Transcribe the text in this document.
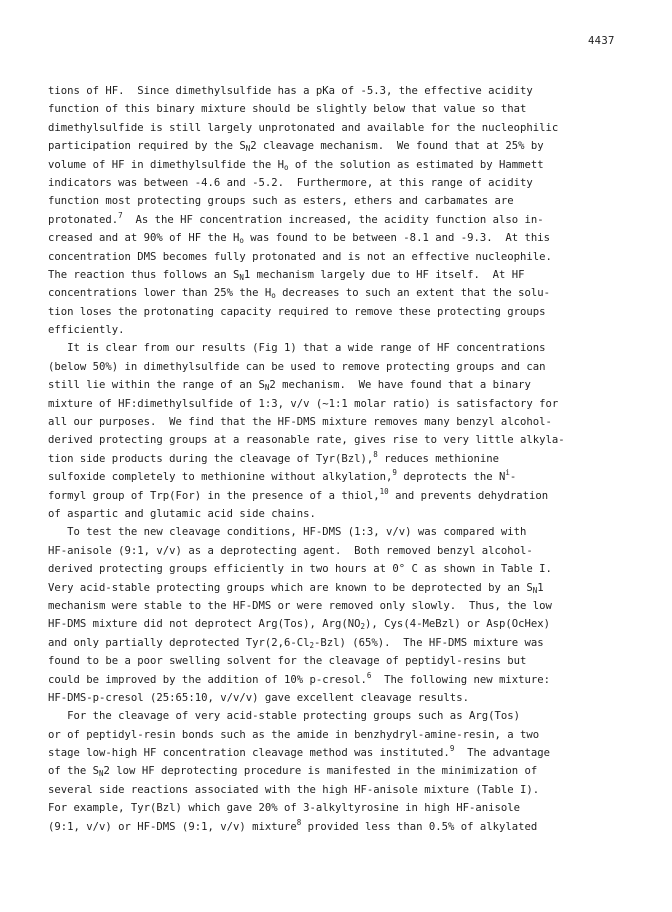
4437
tions of HF.  Since dimethylsulfide has a pKa of -5.3, the effective acidity
function of this binary mixture should be slightly below that value so that
dimethylsulfide is still largely unprotonated and available for the nucleophilic
participation required by the $S_N2$ cleavage mechanism.  We found that at 25% by
volume of HF in dimethylsulfide the $H_o$ of the solution as estimated by Hammett
indicators was between -4.6 and -5.2.  Furthermore, at this range of acidity
function most protecting groups such as esters, ethers and carbamates are
protonated.$^7$  As the HF concentration increased, the acidity function also in-
creased and at 90% of HF the $H_o$ was found to be between -8.1 and -9.3.  At this
concentration DMS becomes fully protonated and is not an effective nucleophile.
The reaction thus follows an $S_N1$ mechanism largely due to HF itself.  At HF
concentrations lower than 25% the $H_o$ decreases to such an extent that the solu-
tion loses the protonating capacity required to remove these protecting groups
efficiently.
It is clear from our results (Fig 1) that a wide range of HF concentrations
(below 50%) in dimethylsulfide can be used to remove protecting groups and can
still lie within the range of an $S_N2$ mechanism.  We have found that a binary
mixture of HF:dimethylsulfide of 1:3, v/v (~1:1 molar ratio) is satisfactory for
all our purposes.  We find that the HF-DMS mixture removes many benzyl alcohol-
derived protecting groups at a reasonable rate, gives rise to very little alkyla-
tion side products during the cleavage of Tyr(Bzl),$^8$ reduces methionine
sulfoxide completely to methionine without alkylation,$^9$ deprotects the $N^i-$
formyl group of Trp(For) in the presence of a thiol,$^{10}$ and prevents dehydration
of aspartic and glutamic acid side chains.
To test the new cleavage conditions, HF-DMS (1:3, v/v) was compared with
HF-anisole (9:1, v/v) as a deprotecting agent.  Both removed benzyl alcohol-
derived protecting groups efficiently in two hours at 0° C as shown in Table I.
Very acid-stable protecting groups which are known to be deprotected by an $S_N1$
mechanism were stable to the HF-DMS or were removed only slowly.  Thus, the low
HF-DMS mixture did not deprotect Arg(Tos), $Arg(NO_2)$, Cys(4-MeBzl) or Asp(OcHex)
and only partially deprotected $Tyr(2,6-Cl_2-Bzl)$ (65%).  The HF-DMS mixture was
found to be a poor swelling solvent for the cleavage of peptidyl-resins but
could be improved by the addition of 10% p-cresol.$^6$  The following new mixture:
HF-DMS-p-cresol (25:65:10, v/v/v) gave excellent cleavage results.
For the cleavage of very acid-stable protecting groups such as Arg(Tos)
or of peptidyl-resin bonds such as the amide in benzhydryl-amine-resin, a two
stage low-high HF concentration cleavage method was instituted.$^9$  The advantage
of the $S_N2$ low HF deprotecting procedure is manifested in the minimization of
several side reactions associated with the high HF-anisole mixture (Table I).
For example, Tyr(Bzl) which gave 20% of 3-alkyltyrosine in high HF-anisole
(9:1, v/v) or HF-DMS (9:1, v/v) mixture$^8$ provided less than 0.5% of alkylated
